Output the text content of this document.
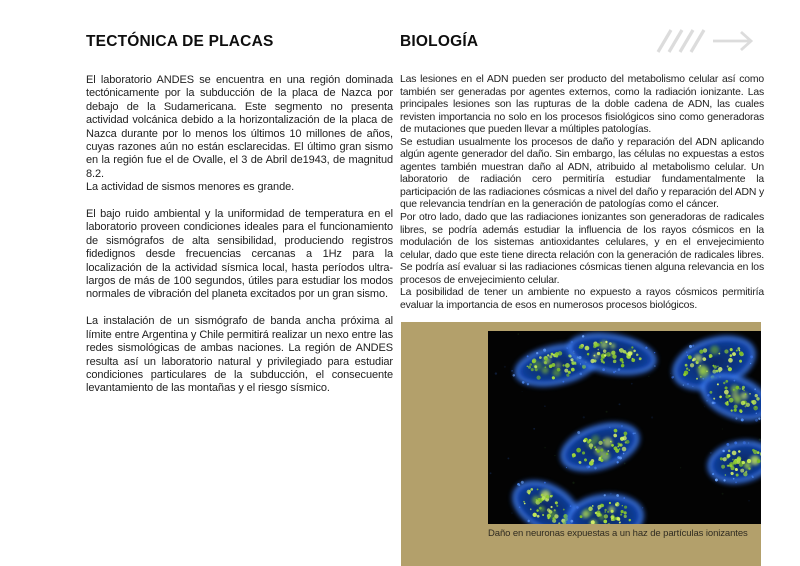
TECTÓNICA DE PLACAS

El laboratorio ANDES se encuentra en una región dominada tectónicamente por la subducción de la placa de Nazca por debajo de la Sudamericana. Este segmento no presenta actividad volcánica debido a la horizontalización de la placa de Nazca durante por lo menos los últimos 10 millones de años, cuyas razones aún no están esclarecidas. El último gran sismo en la región fue el de Ovalle, el 3 de Abril de1943, de magnitud 8.2.

La actividad de sismos menores es grande.

El bajo ruido ambiental y la uniformidad de temperatura en el laboratorio proveen condiciones ideales para el funcionamiento de sismógrafos de alta sensibilidad, produciendo registros fidedignos desde frecuencias cercanas a 1Hz para la localización de la actividad sísmica local, hasta períodos ultra-largos de más de 100 segundos, útiles para estudiar los modos normales de vibración del planeta excitados por un gran sismo.

La instalación de un sismógrafo de banda ancha próxima al límite entre Argentina y Chile permitirá realizar un nexo entre las redes sismológicas de ambas naciones. La región de ANDES resulta así un laboratorio natural y privilegiado para estudiar condiciones particulares de la subducción, el consecuente levantamiento de las montañas y el riesgo sísmico.

BIOLOGÍA

Las lesiones en el ADN pueden ser producto del metabolismo celular así como también ser generadas por agentes externos, como la radiación ionizante. Las principales lesiones son las rupturas de la doble cadena de ADN, las cuales revisten importancia no solo en los procesos fisiológicos sino como generadoras de mutaciones que pueden llevar a múltiples patologías.

Se estudian usualmente los procesos de daño y reparación del ADN aplicando algún agente generador del daño. Sin embargo, las células no expuestas a estos agentes también muestran daño al ADN, atribuido al metabolismo celular. Un laboratorio de radiación cero permitiría estudiar fundamentalmente la participación de las radiaciones cósmicas a nivel del daño y reparación del ADN y que relevancia tendrían en la generación de patologías como el cáncer.

Por otro lado, dado que las radiaciones ionizantes son generadoras de radicales libres, se podría además estudiar la influencia de los rayos cósmicos en la modulación de los sistemas antioxidantes celulares, y en el envejecimiento celular, dado que este tiene directa relación con la generación de radicales libres. Se podría así evaluar si las radiaciones cósmicas tienen alguna relevancia en los procesos de envejecimiento celular.

La posibilidad de tener un ambiente no expuesto a rayos cósmicos permitiría evaluar la importancia de esos en numerosos procesos biológicos.

Daño en neuronas expuestas a un haz de partículas ionizantes
